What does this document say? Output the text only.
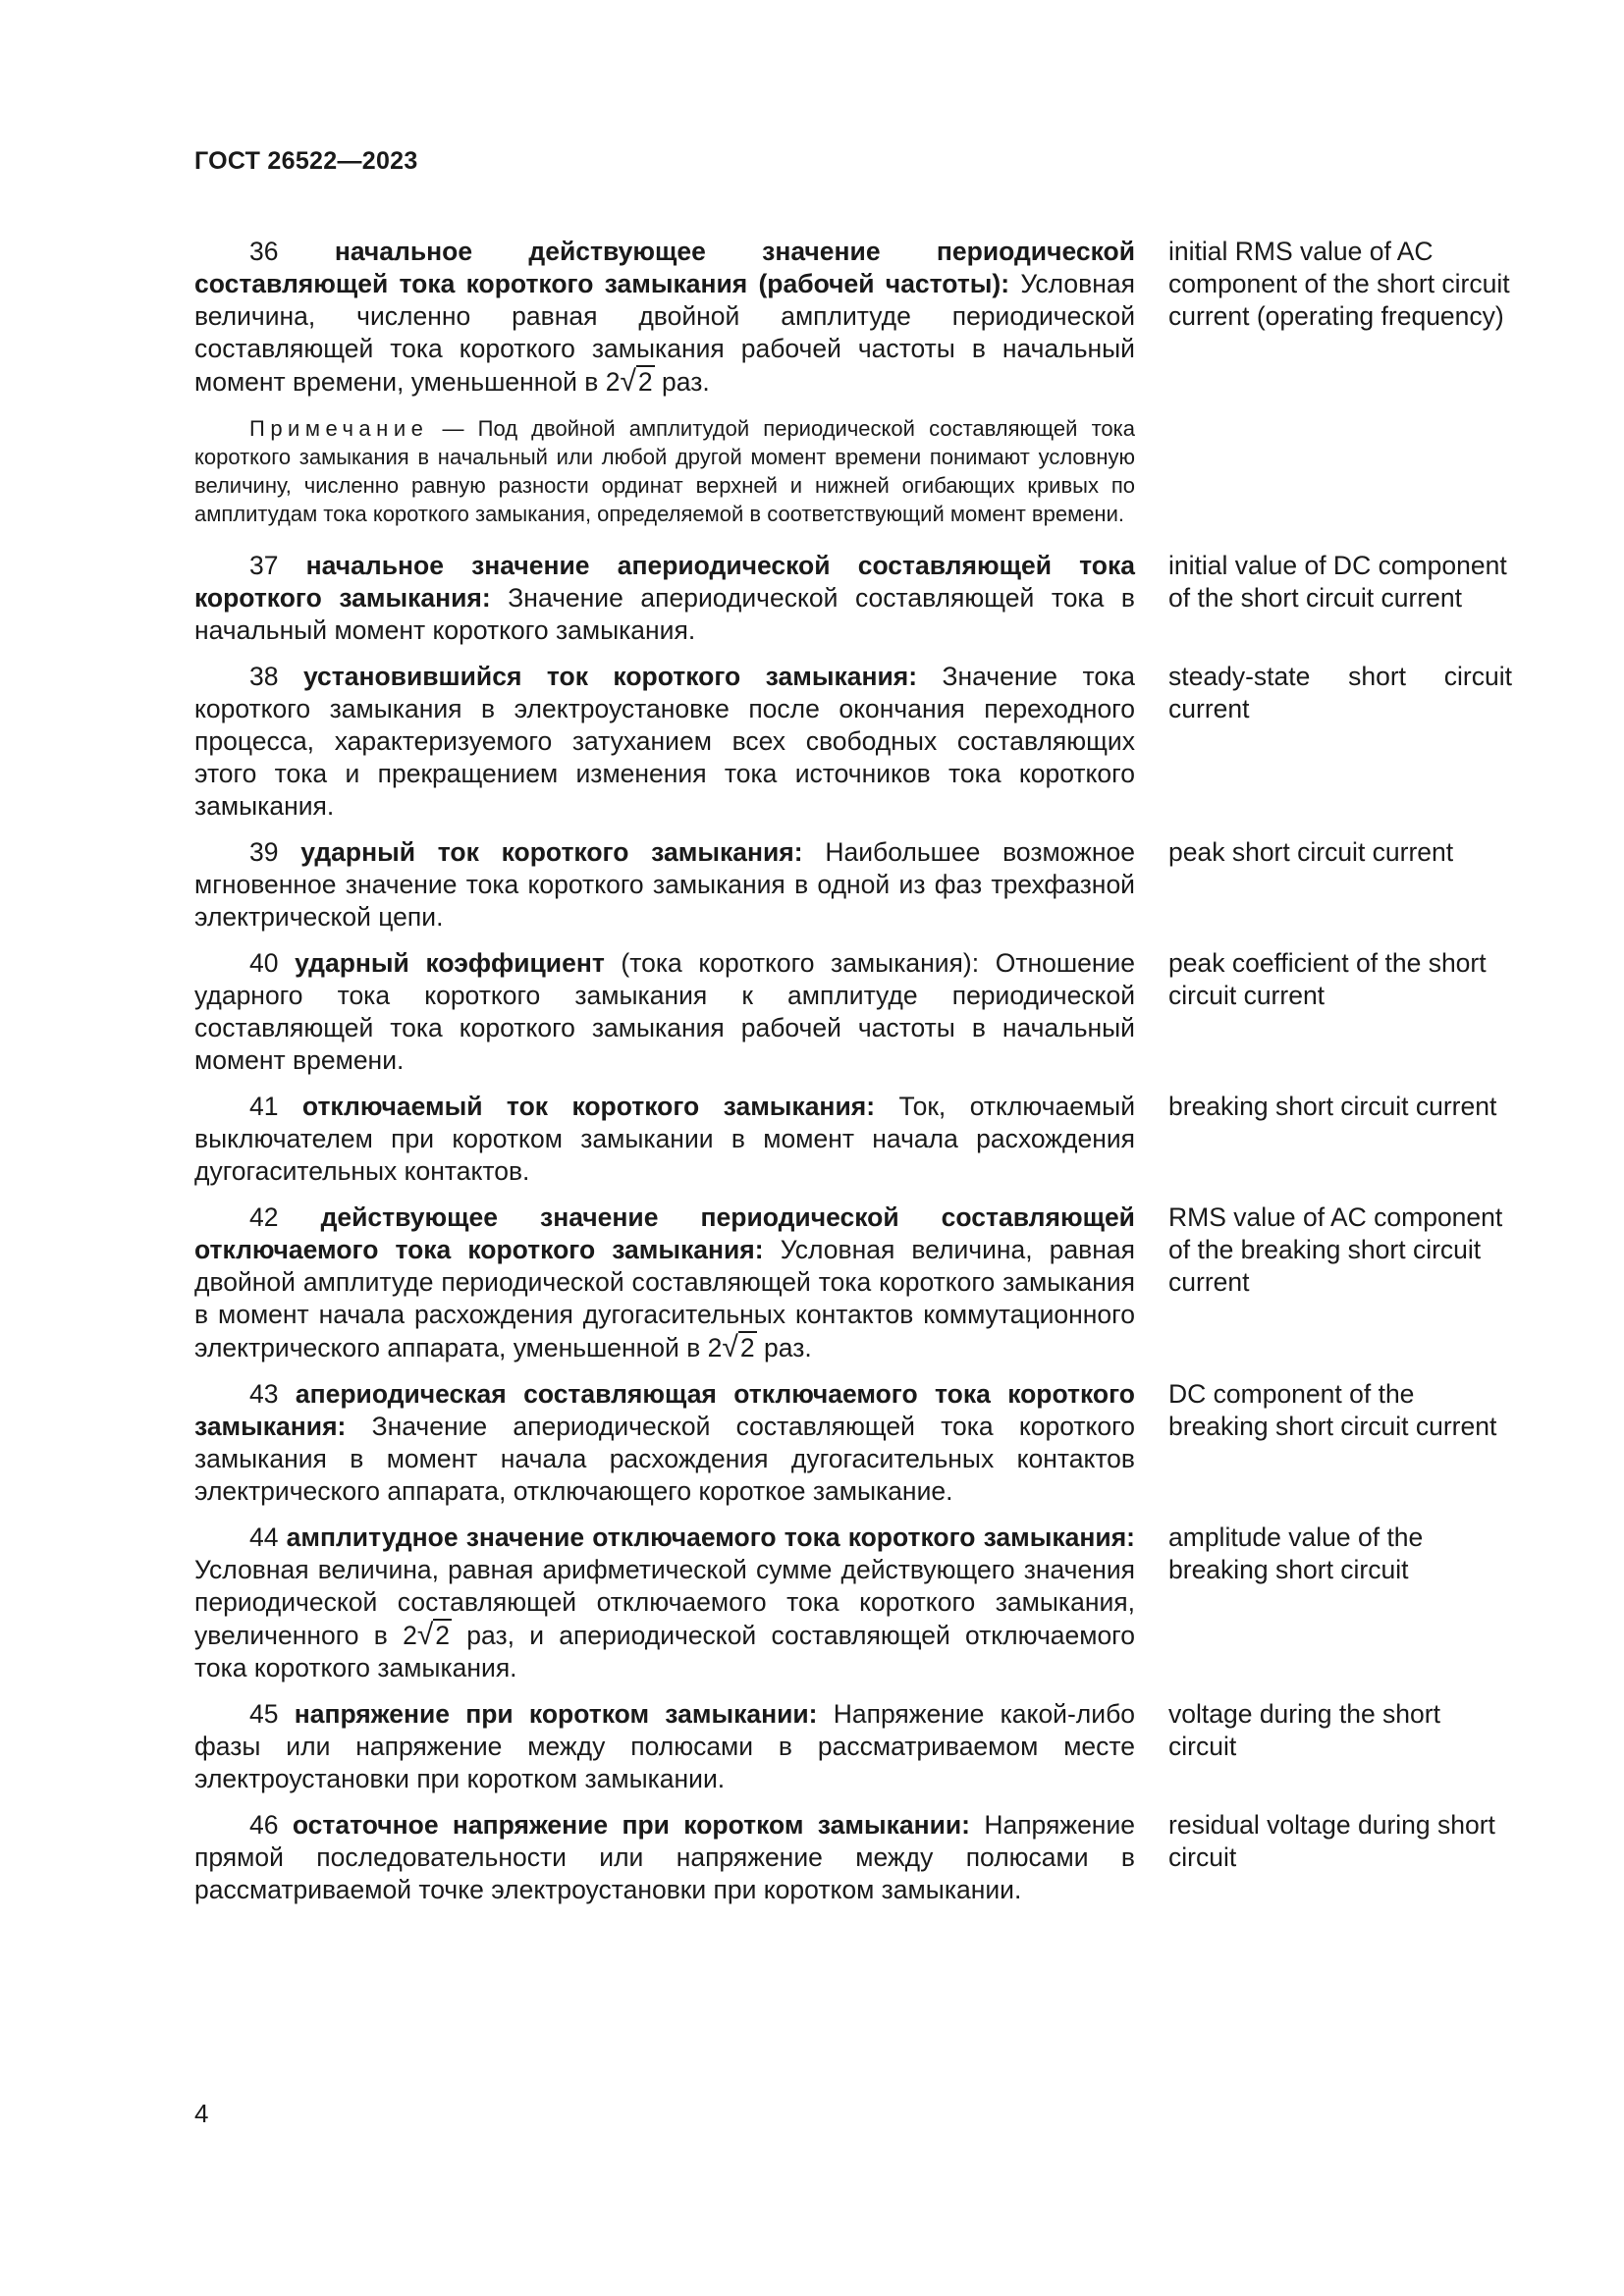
ГОСТ 26522—2023

36 начальное действующее значение периодической составляющей тока короткого замыкания (рабочей частоты): Условная величина, численно равная двойной амплитуде периодической составляющей тока короткого замыкания рабочей частоты в начальный момент времени, уменьшенной в 2√2 раз.

Примечание — Под двойной амплитудой периодической составляющей тока короткого замыкания в начальный или любой другой момент времени понимают условную величину, численно равную разности ординат верхней и нижней огибающих кривых по амплитудам тока короткого замыкания, определяемой в соответствующий момент времени.
initial RMS value of AC component of the short circuit current (operating frequency)

37 начальное значение апериодической составляющей тока короткого замыкания: Значение апериодической составляющей тока в начальный момент короткого замыкания.

initial value of DC component of the short circuit current

38 установившийся ток короткого замыкания: Значение тока короткого замыкания в электроустановке после окончания переходного процесса, характеризуемого затуханием всех свободных составляющих этого тока и прекращением изменения тока источников тока короткого замыкания.

steady-state short circuit current

39 ударный ток короткого замыкания: Наибольшее возможное мгновенное значение тока короткого замыкания в одной из фаз трехфазной электрической цепи.

peak short circuit current

40 ударный коэффициент (тока короткого замыкания): Отношение ударного тока короткого замыкания к амплитуде периодической составляющей тока короткого замыкания рабочей частоты в начальный момент времени.

peak coefficient of the short circuit current

41 отключаемый ток короткого замыкания: Ток, отключаемый выключателем при коротком замыкании в момент начала расхождения дугогасительных контактов.

breaking short circuit current

42 действующее значение периодической составляющей отключаемого тока короткого замыкания: Условная величина, равная двойной амплитуде периодической составляющей тока короткого замыкания в момент начала расхождения дугогасительных контактов коммутационного электрического аппарата, уменьшенной в 2√2 раз.

RMS value of AC component of the breaking short circuit current

43 апериодическая составляющая отключаемого тока короткого замыкания: Значение апериодической составляющей тока короткого замыкания в момент начала расхождения дугогасительных контактов электрического аппарата, отключающего короткое замыкание.

DC component of the breaking short circuit current

44 амплитудное значение отключаемого тока короткого замыкания: Условная величина, равная арифметической сумме действующего значения периодической составляющей отключаемого тока короткого замыкания, увеличенного в 2√2 раз, и апериодической составляющей отключаемого тока короткого замыкания.

amplitude value of the breaking short circuit

45 напряжение при коротком замыкании: Напряжение какой-либо фазы или напряжение между полюсами в рассматриваемом месте электроустановки при коротком замыкании.

voltage during the short circuit

46 остаточное напряжение при коротком замыкании: Напряжение прямой последовательности или напряжение между полюсами в рассматриваемой точке электроустановки при коротком замыкании.

residual voltage during short circuit
4
